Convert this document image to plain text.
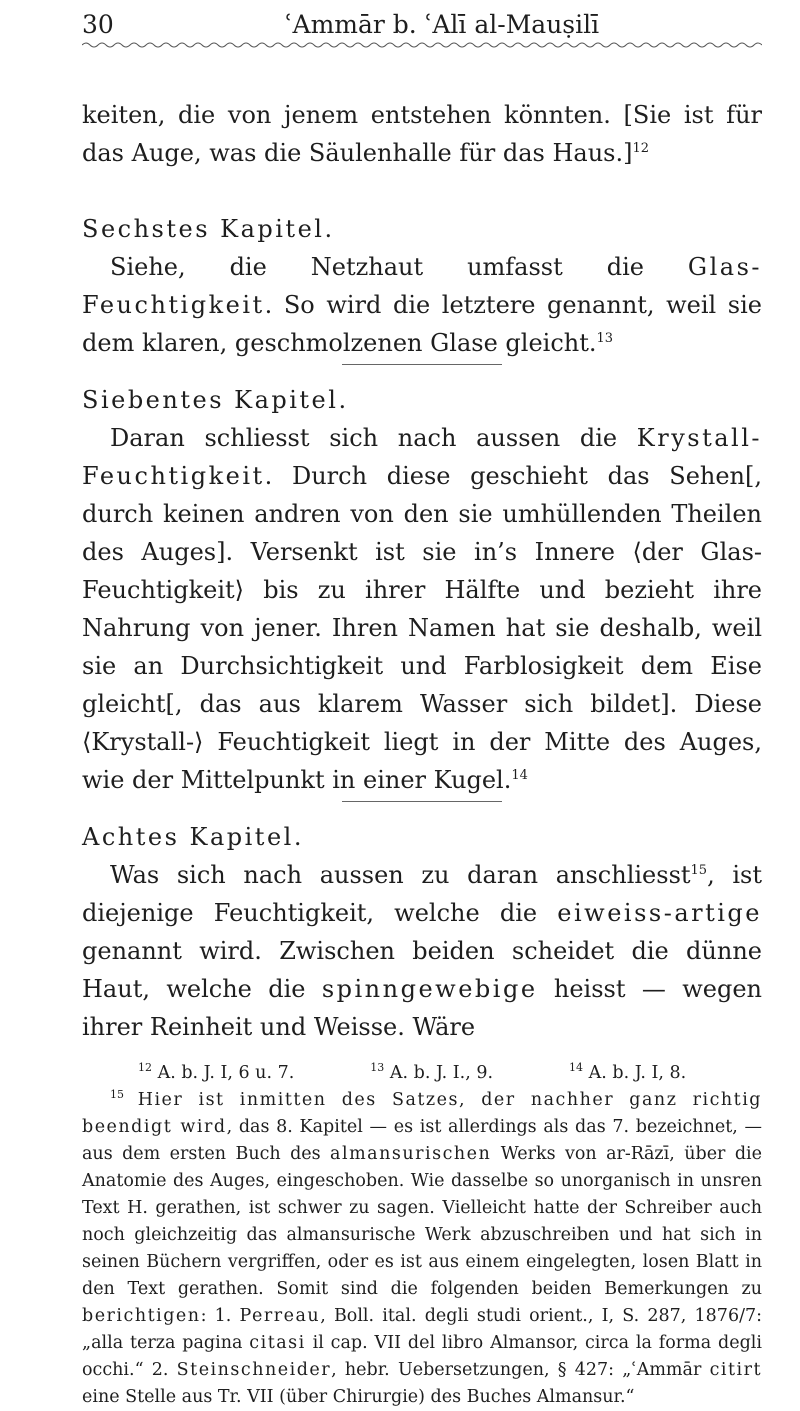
30	ʿAmmār b. ʿAlī al-Mauṣilī

keiten, die von jenem entstehen könnten. [Sie ist für das Auge, was die Säulenhalle für das Haus.]$^{12}$

Sechstes Kapitel.

Siehe, die Netzhaut umfasst die Glas-Feuchtigkeit. So wird die letztere genannt, weil sie dem klaren, geschmolzenen Glase gleicht.$^{13}$

Siebentes Kapitel.

Daran schliesst sich nach aussen die Krystall-Feuchtigkeit. Durch diese geschieht das Sehen[, durch keinen andren von den sie umhüllenden Theilen des Auges]. Versenkt ist sie in’s Innere ⟨der Glas-Feuchtigkeit⟩ bis zu ihrer Hälfte und bezieht ihre Nahrung von jener. Ihren Namen hat sie deshalb, weil sie an Durchsichtigkeit und Farblosigkeit dem Eise gleicht[, das aus klarem Wasser sich bildet]. Diese ⟨Krystall-⟩ Feuchtigkeit liegt in der Mitte des Auges, wie der Mittelpunkt in einer Kugel.$^{14}$

Achtes Kapitel.

Was sich nach aussen zu daran anschliesst$^{15}$, ist diejenige Feuchtigkeit, welche die eiweiss-artige genannt wird. Zwischen beiden scheidet die dünne Haut, welche die spinngewebige heisst — wegen ihrer Reinheit und Weisse. Wäre

$^{12}$ A. b. J. I, 6 u. 7.	$^{13}$ A. b. J. I., 9.	$^{14}$ A. b. J. I, 8.

$^{15}$ Hier ist inmitten des Satzes, der nachher ganz richtig beendigt wird, das 8. Kapitel — es ist allerdings als das 7. bezeichnet, — aus dem ersten Buch des almansurischen Werks von ar-Rāzī, über die Anatomie des Auges, eingeschoben. Wie dasselbe so unorganisch in unsren Text H. gerathen, ist schwer zu sagen. Vielleicht hatte der Schreiber auch noch gleichzeitig das almansurische Werk abzuschreiben und hat sich in seinen Büchern vergriffen, oder es ist aus einem eingelegten, losen Blatt in den Text gerathen. Somit sind die folgenden beiden Bemerkungen zu berichtigen: 1. Perreau, Boll. ital. degli studi orient., I, S. 287, 1876/7: „alla terza pagina citasi il cap. VII del libro Almansor, circa la forma degli occhi.“ 2. Steinschneider, hebr. Uebersetzungen, § 427: „ʿAmmār citirt eine Stelle aus Tr. VII (über Chirurgie) des Buches Almansur.“
